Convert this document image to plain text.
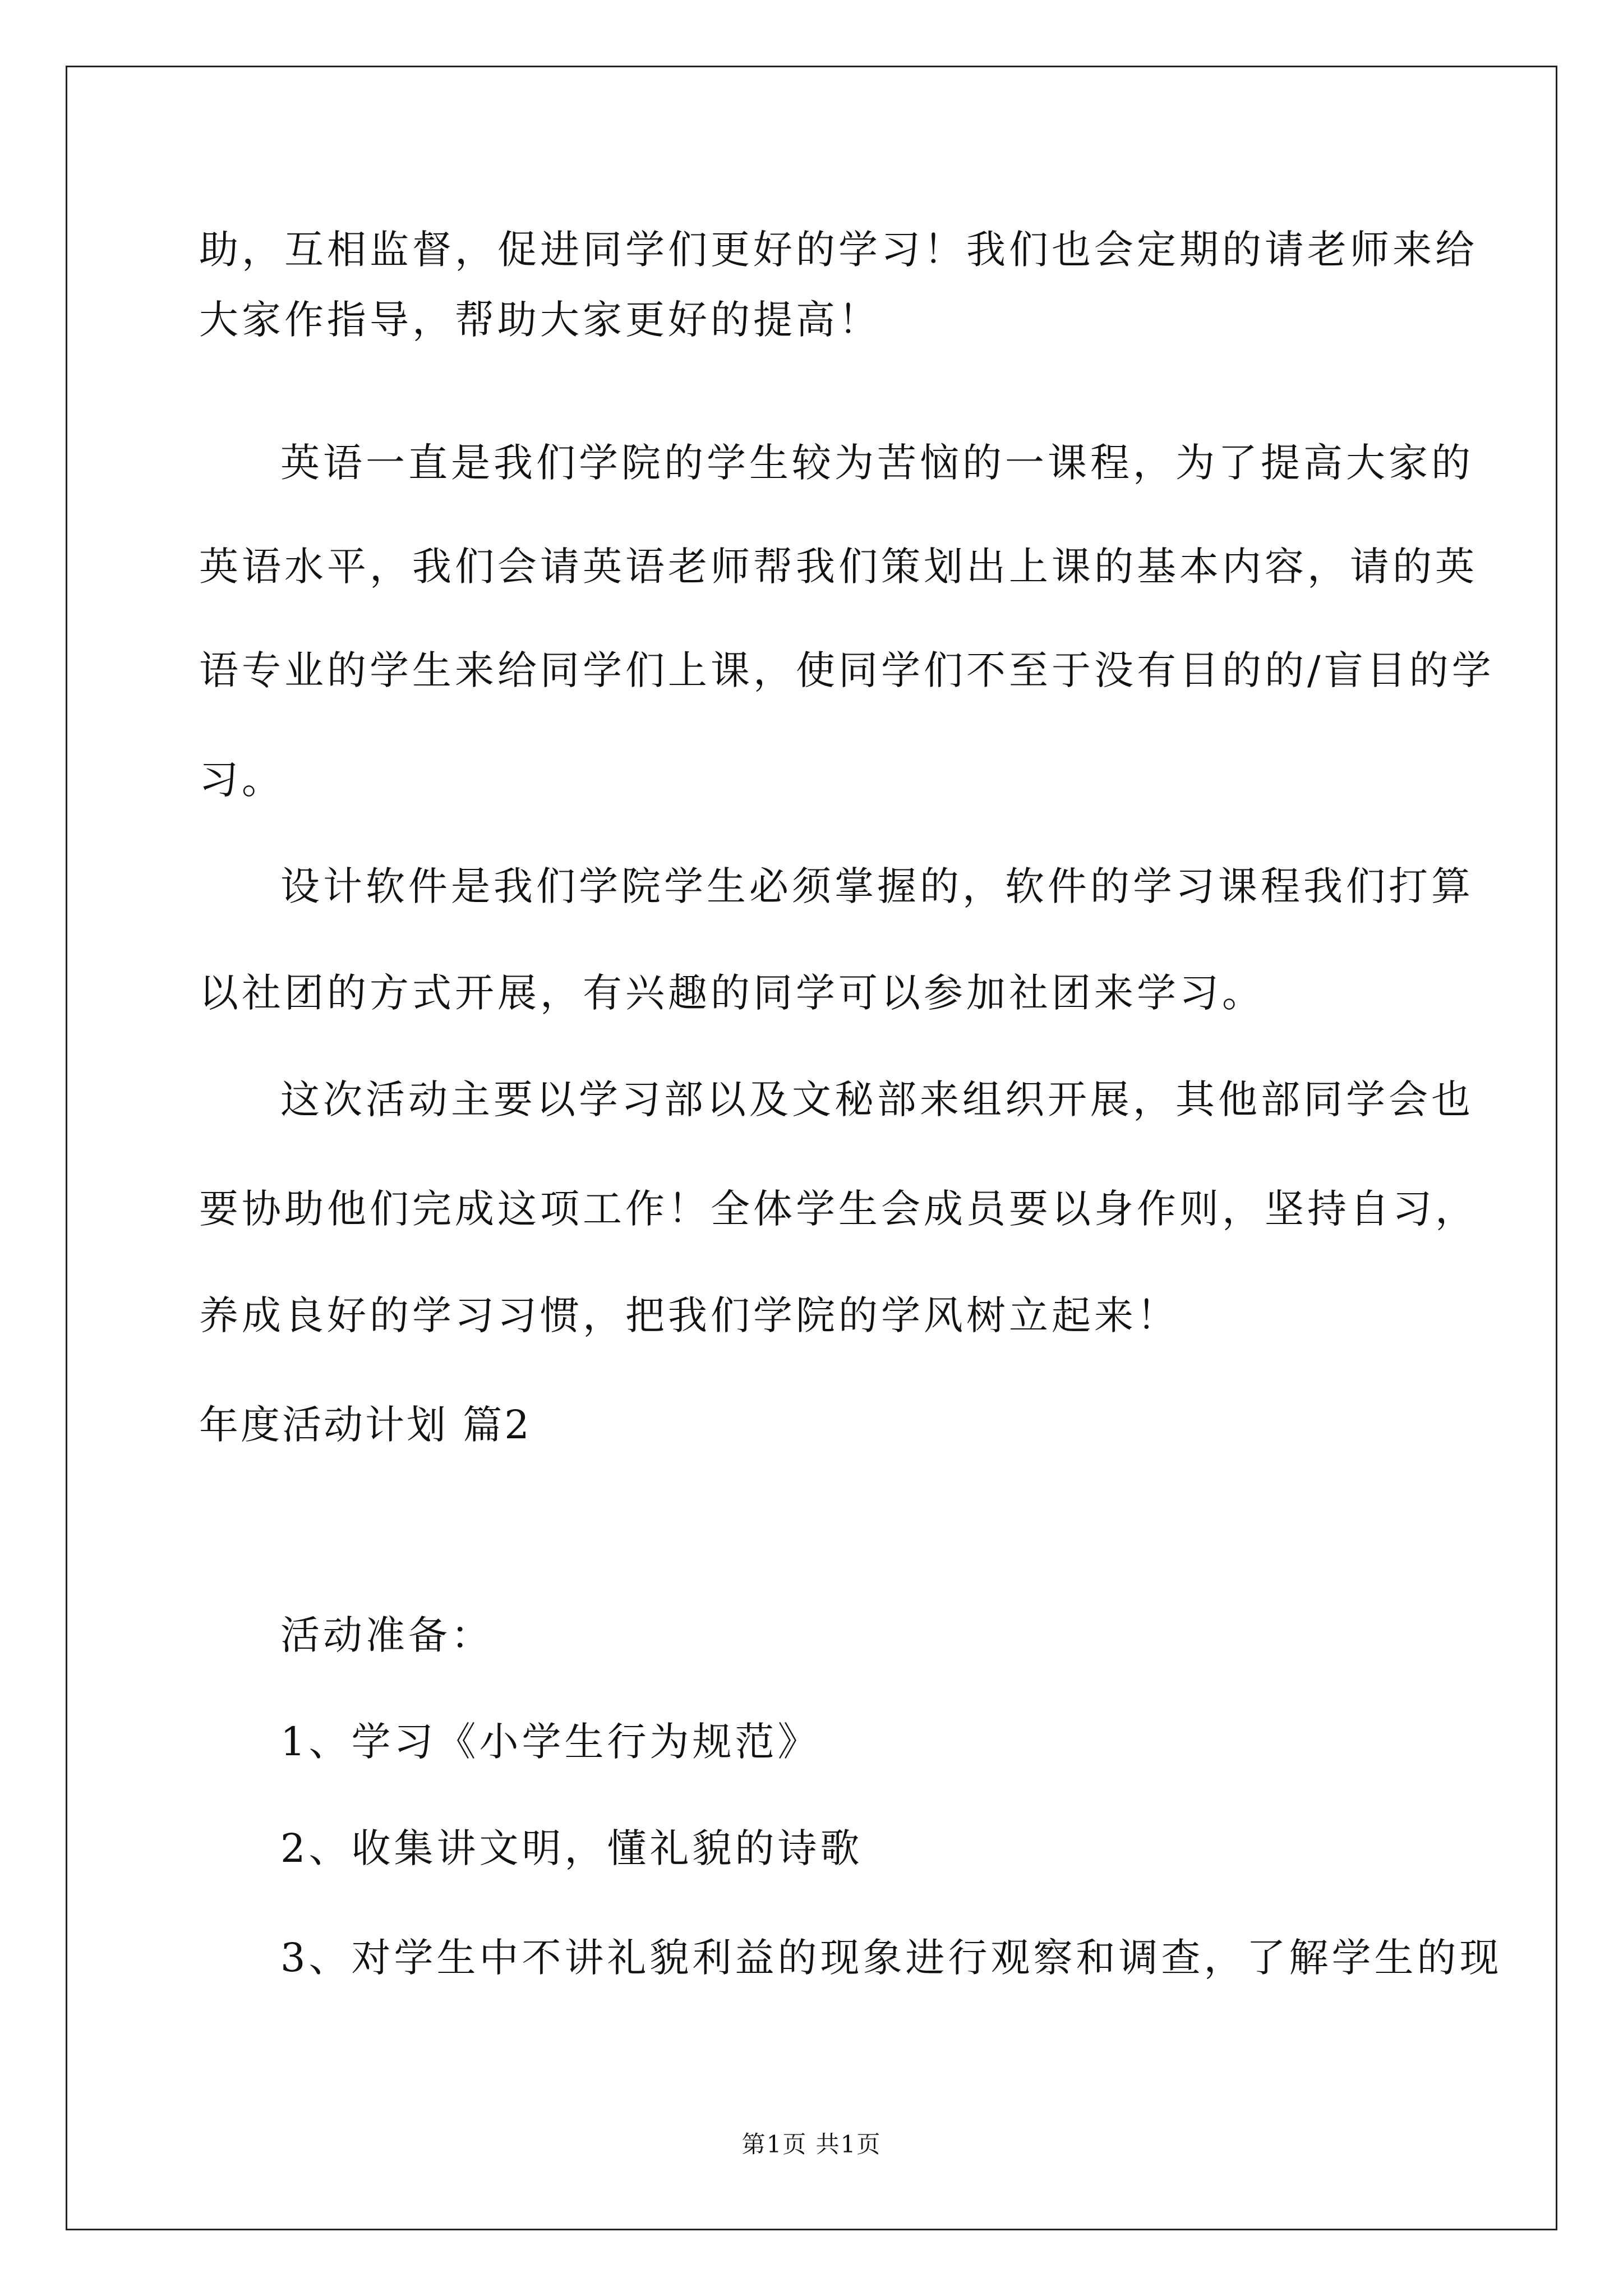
助，互相监督，促进同学们更好的学习！我们也会定期的请老师来给
大家作指导，帮助大家更好的提高！
英语一直是我们学院的学生较为苦恼的一课程，为了提高大家的
英语水平，我们会请英语老师帮我们策划出上课的基本内容，请的英
语专业的学生来给同学们上课，使同学们不至于没有目的的/盲目的学
习。
设计软件是我们学院学生必须掌握的，软件的学习课程我们打算
以社团的方式开展，有兴趣的同学可以参加社团来学习。
这次活动主要以学习部以及文秘部来组织开展，其他部同学会也
要协助他们完成这项工作！全体学生会成员要以身作则，坚持自习，
养成良好的学习习惯，把我们学院的学风树立起来！
年度活动计划 篇2
活动准备：
1、学习《小学生行为规范》
2、收集讲文明，懂礼貌的诗歌
3、对学生中不讲礼貌利益的现象进行观察和调查，了解学生的现
第1页 共1页
